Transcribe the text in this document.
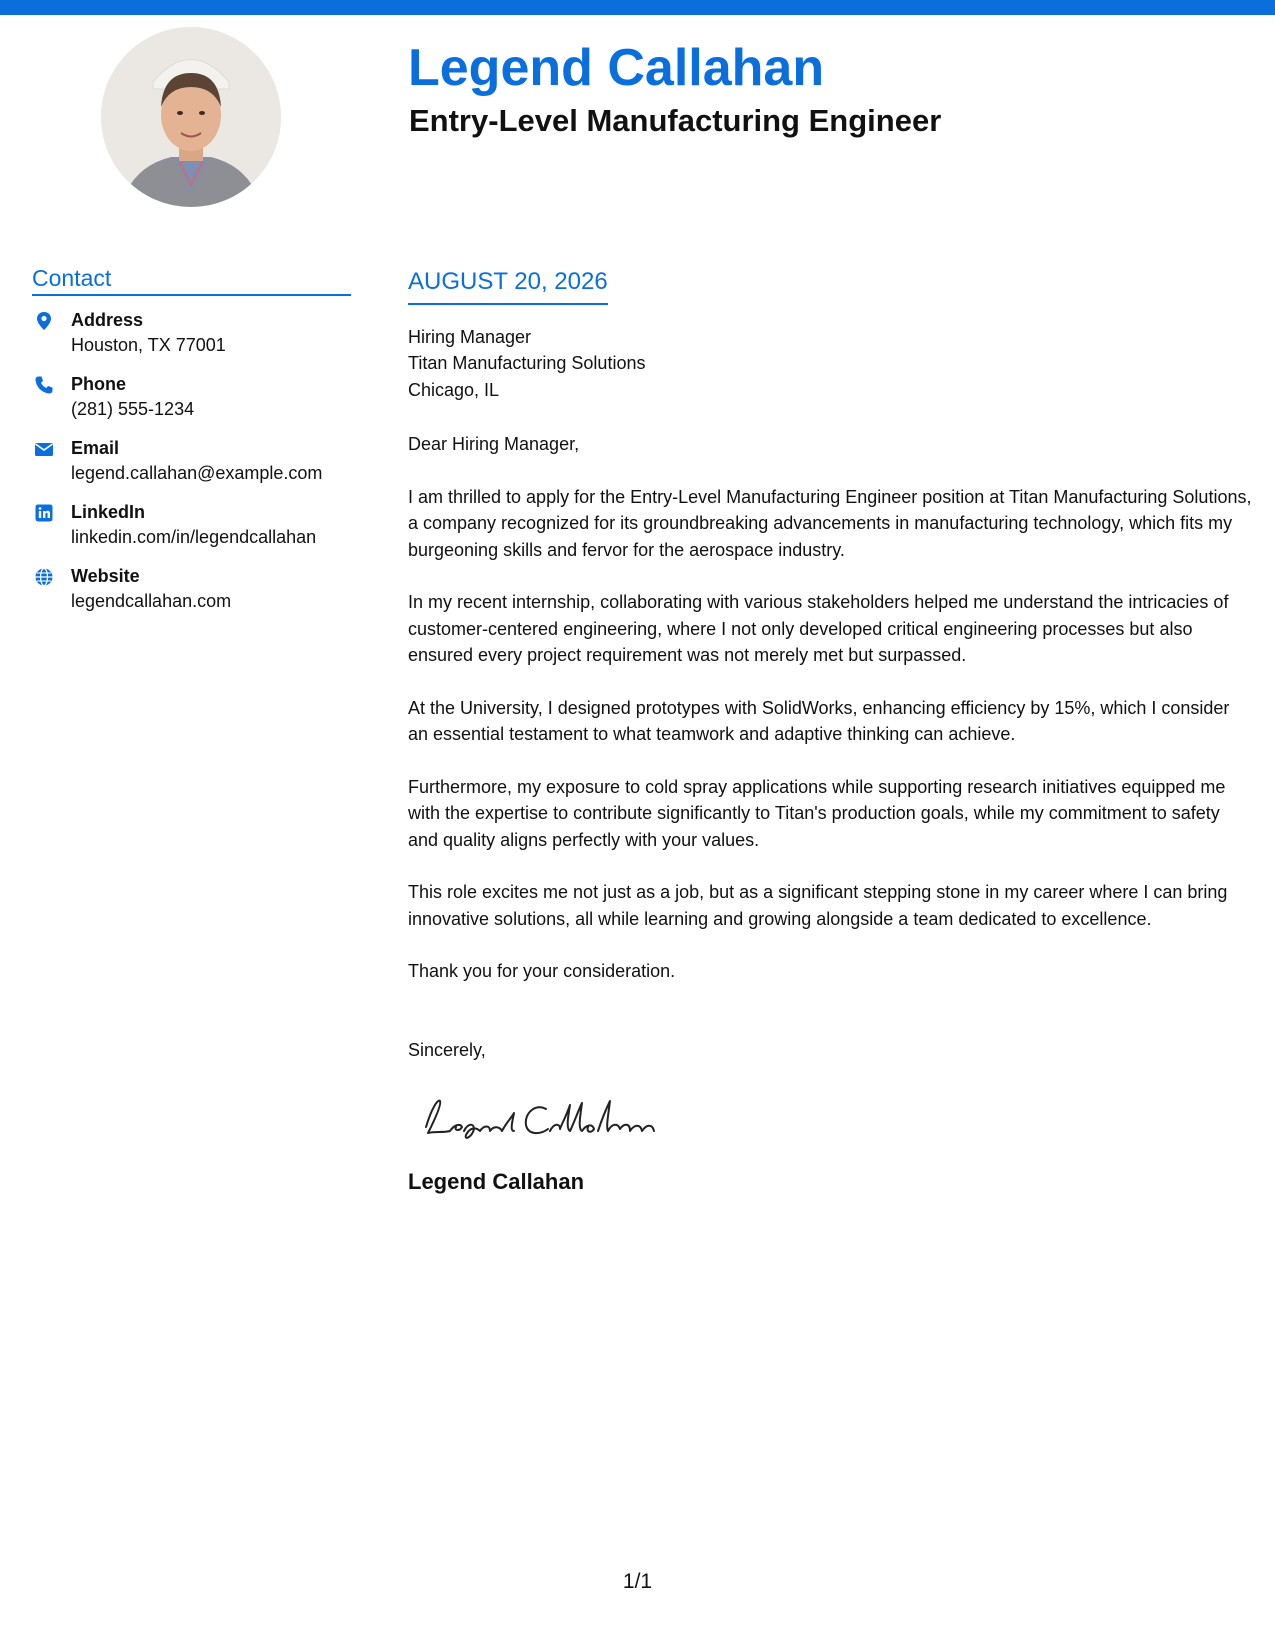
Legend Callahan
Entry-Level Manufacturing Engineer
Contact
Address
Houston, TX 77001
Phone
(281) 555-1234
Email
legend.callahan@example.com
LinkedIn
linkedin.com/in/legendcallahan
Website
legendcallahan.com
AUGUST 20, 2026
Hiring Manager
Titan Manufacturing Solutions
Chicago, IL

Dear Hiring Manager,

I am thrilled to apply for the Entry-Level Manufacturing Engineer position at Titan Manufacturing Solutions, a company recognized for its groundbreaking advancements in manufacturing technology, which fits my burgeoning skills and fervor for the aerospace industry.

In my recent internship, collaborating with various stakeholders helped me understand the intricacies of customer-centered engineering, where I not only developed critical engineering processes but also ensured every project requirement was not merely met but surpassed.

At the University, I designed prototypes with SolidWorks, enhancing efficiency by 15%, which I consider an essential testament to what teamwork and adaptive thinking can achieve.

Furthermore, my exposure to cold spray applications while supporting research initiatives equipped me with the expertise to contribute significantly to Titan's production goals, while my commitment to safety and quality aligns perfectly with your values.

This role excites me not just as a job, but as a significant stepping stone in my career where I can bring innovative solutions, all while learning and growing alongside a team dedicated to excellence.

Thank you for your consideration.

Sincerely,
Legend Callahan
1/1
